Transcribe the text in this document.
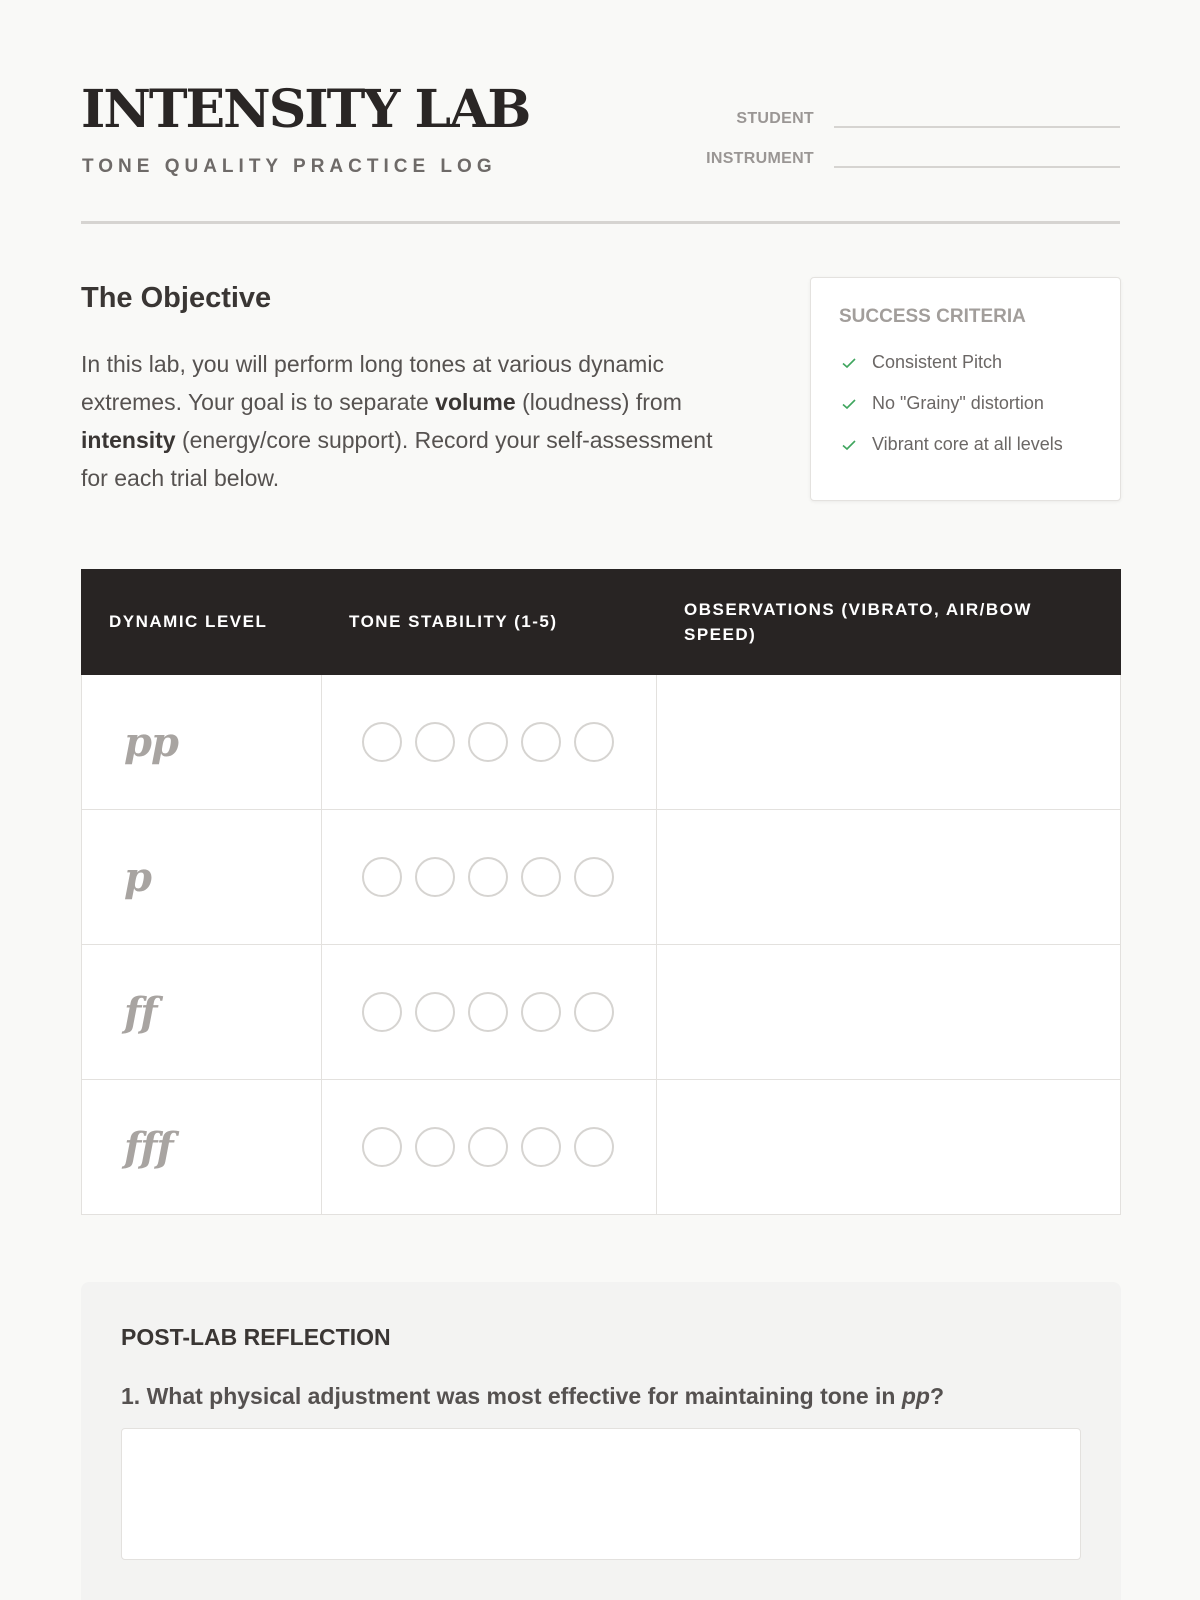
INTENSITY LAB
TONE QUALITY PRACTICE LOG
STUDENT
INSTRUMENT
The Objective

In this lab, you will perform long tones at various dynamic extremes. Your goal is to separate volume (loudness) from intensity (energy/core support). Record your self-assessment for each trial below.

SUCCESS CRITERIA
Consistent Pitch
No "Grainy" distortion
Vibrant core at all levels
DYNAMIC LEVEL	TONE STABILITY (1-5)
OBSERVATIONS (VIBRATO, AIR/BOW SPEED)
pp
p
ff
fff
POST-LAB REFLECTION
1. What physical adjustment was most effective for maintaining tone in pp?
